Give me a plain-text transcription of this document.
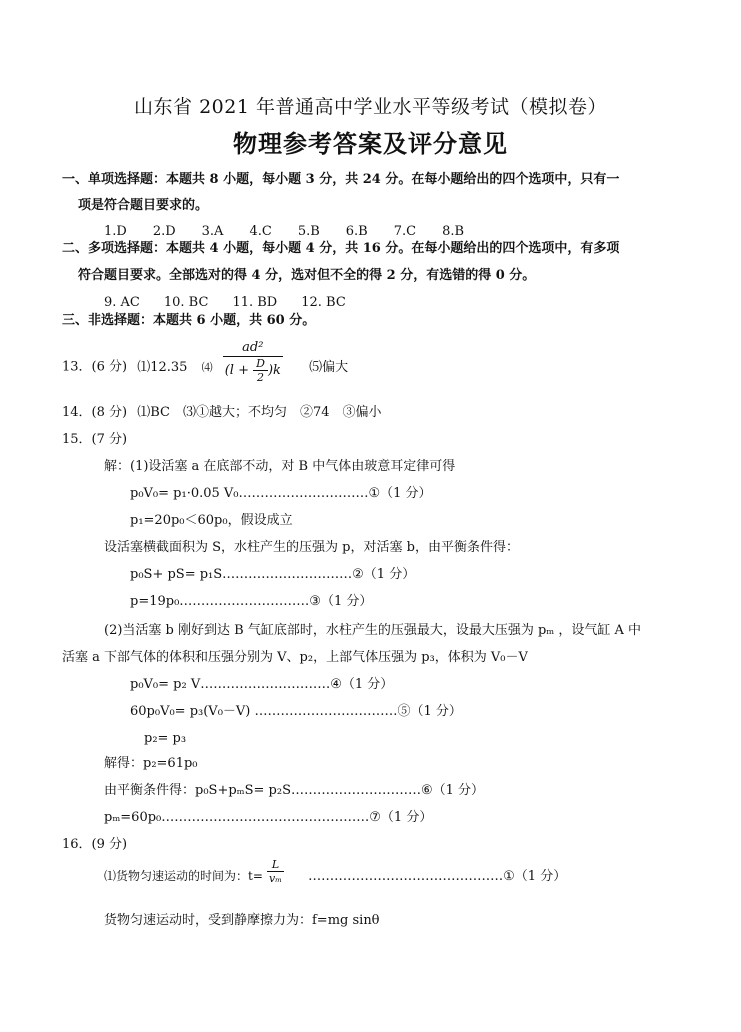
山东省 2021 年普通高中学业水平等级考试（模拟卷）
物理参考答案及评分意见
一、单项选择题：本题共 8 小题，每小题 3 分，共 24 分。在每小题给出的四个选项中，只有一
项是符合题目要求的。
1.D 2.D 3.A 4.C 5.B 6.B 7.C 8.B
二、多项选择题：本题共 4 小题，每小题 4 分，共 16 分。在每小题给出的四个选项中，有多项
符合题目要求。全部选对的得 4 分，选对但不全的得 2 分，有选错的得 0 分。
9. AC 10. BC 11. BD 12. BC
三、非选择题：本题共 6 小题，共 60 分。
13．(6 分) ⑴12.35 ⑷ $\frac{\text{ad²}}{(l + \frac{D}{2} )k}$ ⑸偏大
14．(8 分) ⑴BC　⑶①越大；不均匀　②74　③偏小
15．(7 分)
解：(1)设活塞 a 在底部不动，对 B 中气体由玻意耳定律可得
p₀V₀= p₁·0.05 V₀…………………………①（1 分）
p₁=20p₀＜60p₀，假设成立
设活塞横截面积为 S，水柱产生的压强为 p，对活塞 b，由平衡条件得：
p₀S+ pS= p₁S…………………………②（1 分）
p=19p₀…………………………③（1 分）
(2)当活塞 b 刚好到达 B 气缸底部时，水柱产生的压强最大，设最大压强为 pₘ ，设气缸 A 中
活塞 a 下部气体的体积和压强分别为 V、p₂，上部气体压强为 p₃，体积为 V₀－V
p₀V₀= p₂ V…………………………④（1 分）
60p₀V₀= p₃(V₀－V) ……………………………⑤（1 分）
p₂= p₃
解得：p₂=61p₀
由平衡条件得：p₀S+pₘS= p₂S…………………………⑥（1 分）
pₘ=60p₀…………………………………………⑦（1 分）
16．(9 分)
⑴货物匀速运动的时间为：$t= \frac{L}{\text{vₘ}}$ ………………………………………①（1 分）
货物匀速运动时，受到静摩擦力为：f=mg sinθ
